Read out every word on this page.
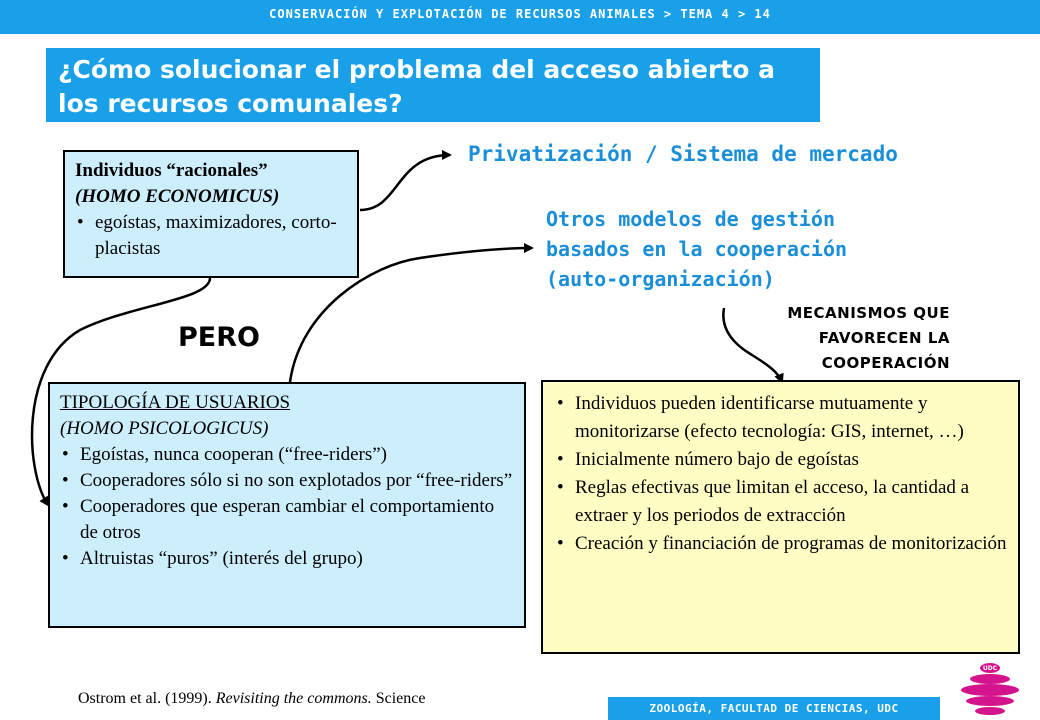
CONSERVACIÓN Y EXPLOTACIÓN DE RECURSOS ANIMALES > TEMA 4 > 14
¿Cómo solucionar el problema del acceso abierto a los recursos comunales?
Individuos “racionales”
(HOMO ECONOMICUS)
• egoístas, maximizadores, corto-placistas
Privatización / Sistema de mercado
Otros modelos de gestión
basados en la cooperación
(auto-organización)
MECANISMOS QUE
FAVORECEN LA
COOPERACIÓN
PERO
TIPOLOGÍA DE USUARIOS
(HOMO PSICOLOGICUS)
• Egoístas, nunca cooperan (“free-riders”)
• Cooperadores sólo si no son explotados por “free-riders”
• Cooperadores que esperan cambiar el comportamiento de otros
• Altruistas “puros” (interés del grupo)
• Individuos pueden identificarse mutuamente y monitorizarse (efecto tecnología: GIS, internet, …)
• Inicialmente número bajo de egoístas
• Reglas efectivas que limitan el acceso, la cantidad a extraer y los periodos de extracción
• Creación y financiación de programas de monitorización
Ostrom et al. (1999). Revisiting the commons. Science
ZOOLOGÍA, FACULTAD DE CIENCIAS, UDC
UDC
